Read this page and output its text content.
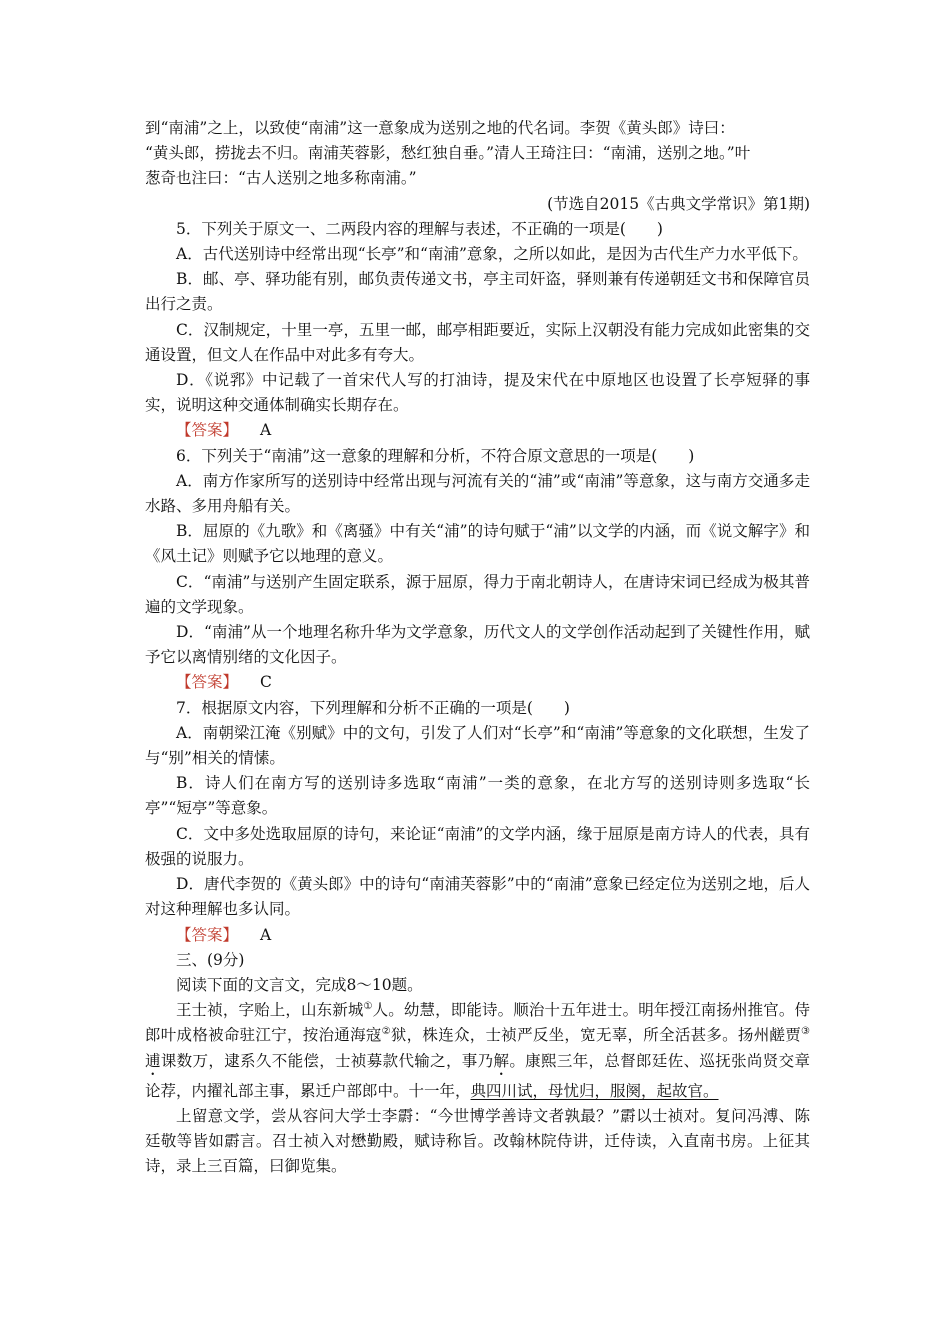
到“南浦”之上，以致使“南浦”这一意象成为送别之地的代名词。李贺《黄头郎》诗曰：

“黄头郎，捞拢去不归。南浦芙蓉影，愁红独自垂。”清人王琦注曰：“南浦，送别之地。”叶

葱奇也注曰：“古人送别之地多称南浦。”

(节选自2015《古典文学常识》第1期)

5．下列关于原文一、二两段内容的理解与表述，不正确的一项是(　　)

A．古代送别诗中经常出现“长亭”和“南浦”意象，之所以如此，是因为古代生产力水平低下。

B．邮、亭、驿功能有别，邮负责传递文书，亭主司奸盗，驿则兼有传递朝廷文书和保障官员出行之责。

C．汉制规定，十里一亭，五里一邮，邮亭相距要近，实际上汉朝没有能力完成如此密集的交通设置，但文人在作品中对此多有夸大。

D．《说郛》中记载了一首宋代人写的打油诗，提及宋代在中原地区也设置了长亭短驿的事实，说明这种交通体制确实长期存在。

【答案】 A

6．下列关于“南浦”这一意象的理解和分析，不符合原文意思的一项是(　　)

A．南方作家所写的送别诗中经常出现与河流有关的“浦”或“南浦”等意象，这与南方交通多走水路、多用舟船有关。

B．屈原的《九歌》和《离骚》中有关“浦”的诗句赋于“浦”以文学的内涵，而《说文解字》和《风土记》则赋予它以地理的意义。

C．“南浦”与送别产生固定联系，源于屈原，得力于南北朝诗人，在唐诗宋词已经成为极其普遍的文学现象。

D．“南浦”从一个地理名称升华为文学意象，历代文人的文学创作活动起到了关键性作用，赋予它以离情别绪的文化因子。

【答案】 C

7．根据原文内容，下列理解和分析不正确的一项是(　　)

A．南朝梁江淹《别赋》中的文句，引发了人们对“长亭”和“南浦”等意象的文化联想，生发了与“别”相关的情愫。

B．诗人们在南方写的送别诗多选取“南浦”一类的意象，在北方写的送别诗则多选取“长亭”“短亭”等意象。

C．文中多处选取屈原的诗句，来论证“南浦”的文学内涵，缘于屈原是南方诗人的代表，具有极强的说服力。

D．唐代李贺的《黄头郎》中的诗句“南浦芙蓉影”中的“南浦”意象已经定位为送别之地，后人对这种理解也多认同。

【答案】 A

三、(9分)

阅读下面的文言文，完成8～10题。

王士祯，字贻上，山东新城①人。幼慧，即能诗。顺治十五年进士。明年授江南扬州推官。侍郎叶成格被命驻江宁，按治通海寇②狱，株连众，士祯严反坐，宽无辜，所全活甚多。扬州鹾贾③逋课数万，逮系久不能偿，士祯募款代输之，事乃解。康熙三年，总督郎廷佐、巡抚张尚贤交章论荐，内擢礼部主事，累迁户部郎中。十一年，典四川试，母忧归，服阕，起故官。

上留意文学，尝从容问大学士李霨：“今世博学善诗文者孰最？”霨以士祯对。复问冯溥、陈廷敬等皆如霨言。召士祯入对懋勤殿，赋诗称旨。改翰林院侍讲，迁侍读，入直南书房。上征其诗，录上三百篇，曰御览集。
